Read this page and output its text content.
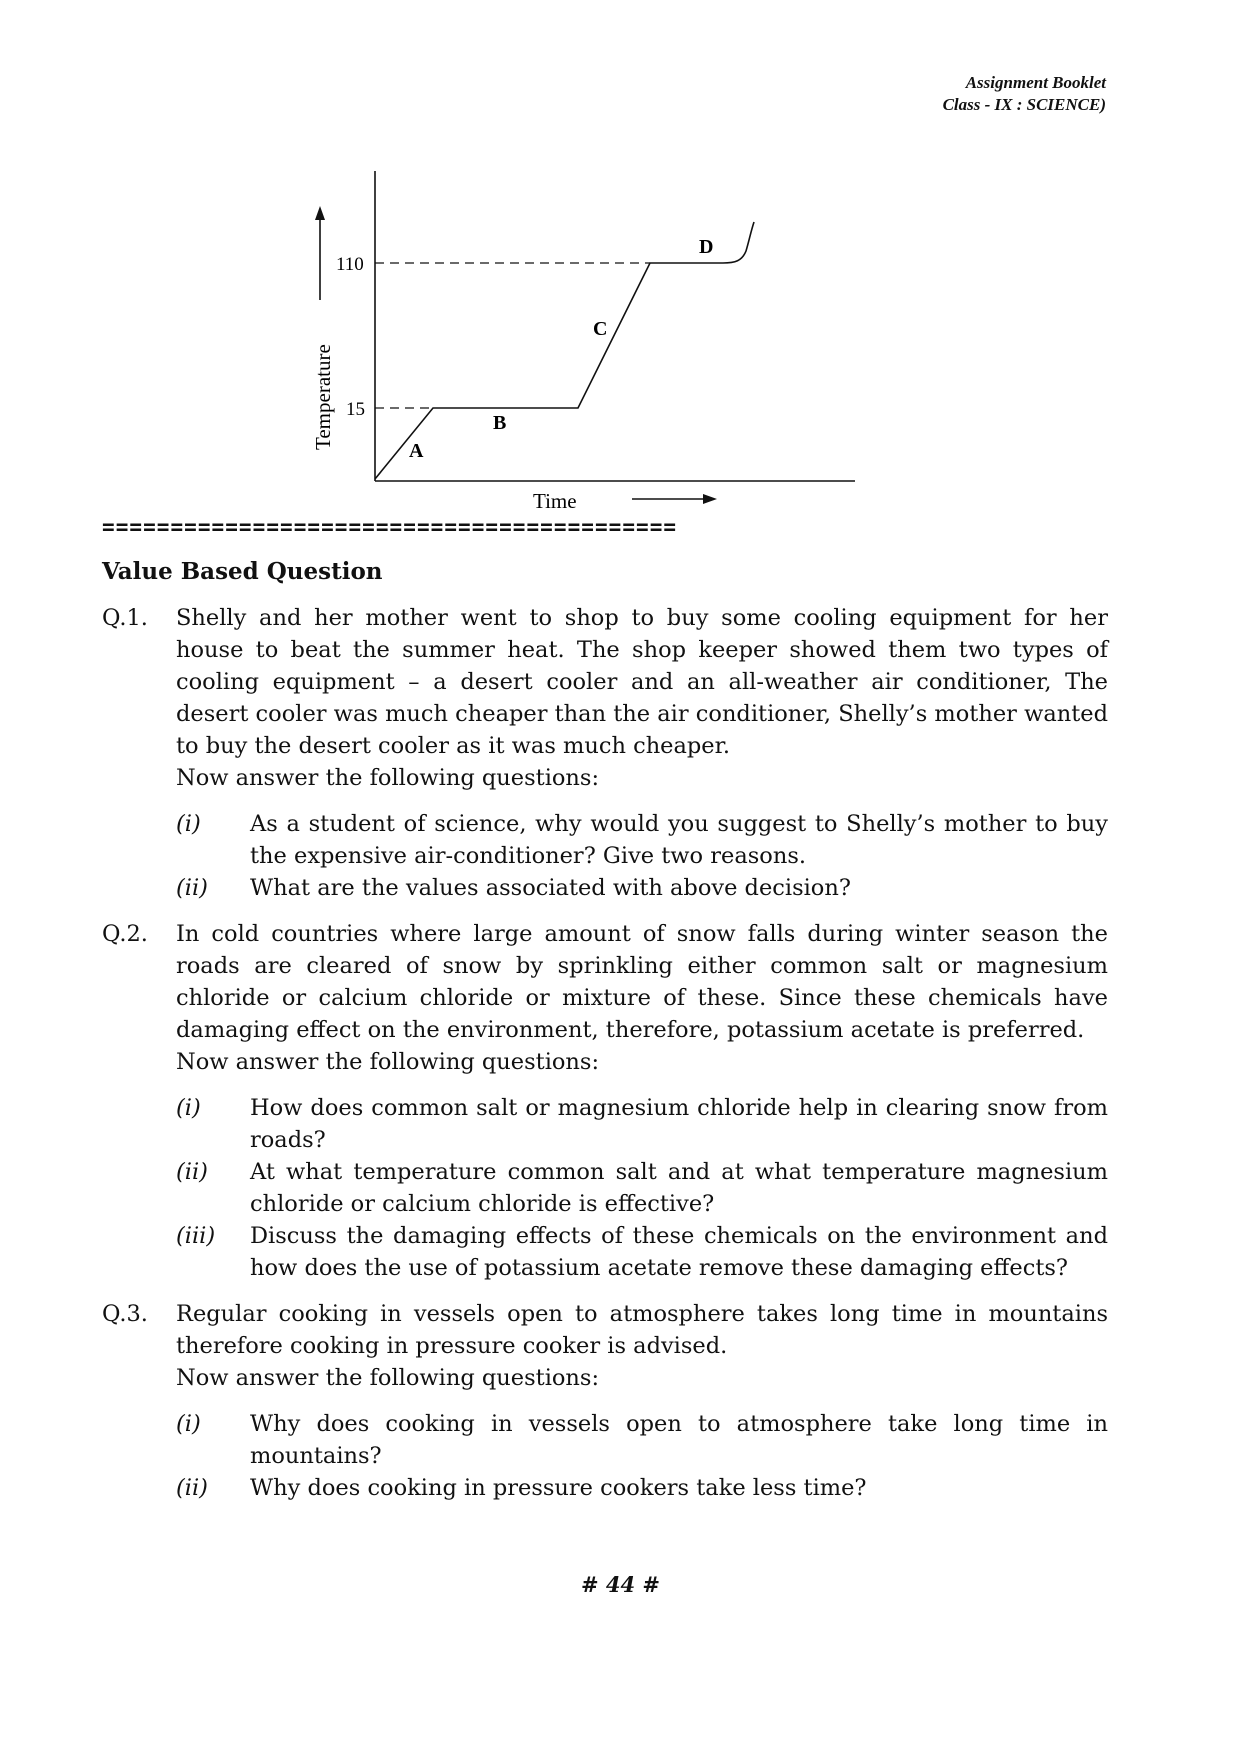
Assignment Booklet
Class - IX : SCIENCE)
Temperature
Time
110
15
A
B
C
D
==========================================
Value Based Question
Q.1. Shelly and her mother went to shop to buy some cooling equipment for her house to beat the summer heat. The shop keeper showed them two types of cooling equipment – a desert cooler and an all-weather air conditioner, The desert cooler was much cheaper than the air conditioner, Shelly’s mother wanted to buy the desert cooler as it was much cheaper.
Now answer the following questions:
(i) As a student of science, why would you suggest to Shelly’s mother to buy the expensive air-conditioner? Give two reasons.
(ii) What are the values associated with above decision?
Q.2. In cold countries where large amount of snow falls during winter season the roads are cleared of snow by sprinkling either common salt or magnesium chloride or calcium chloride or mixture of these. Since these chemicals have damaging effect on the environment, therefore, potassium acetate is preferred.
Now answer the following questions:
(i) How does common salt or magnesium chloride help in clearing snow from roads?
(ii) At what temperature common salt and at what temperature magnesium chloride or calcium chloride is effective?
(iii) Discuss the damaging effects of these chemicals on the environment and how does the use of potassium acetate remove these damaging effects?
Q.3. Regular cooking in vessels open to atmosphere takes long time in mountains therefore cooking in pressure cooker is advised.
Now answer the following questions:
(i) Why does cooking in vessels open to atmosphere take long time in mountains?
(ii) Why does cooking in pressure cookers take less time?
# 44 #
